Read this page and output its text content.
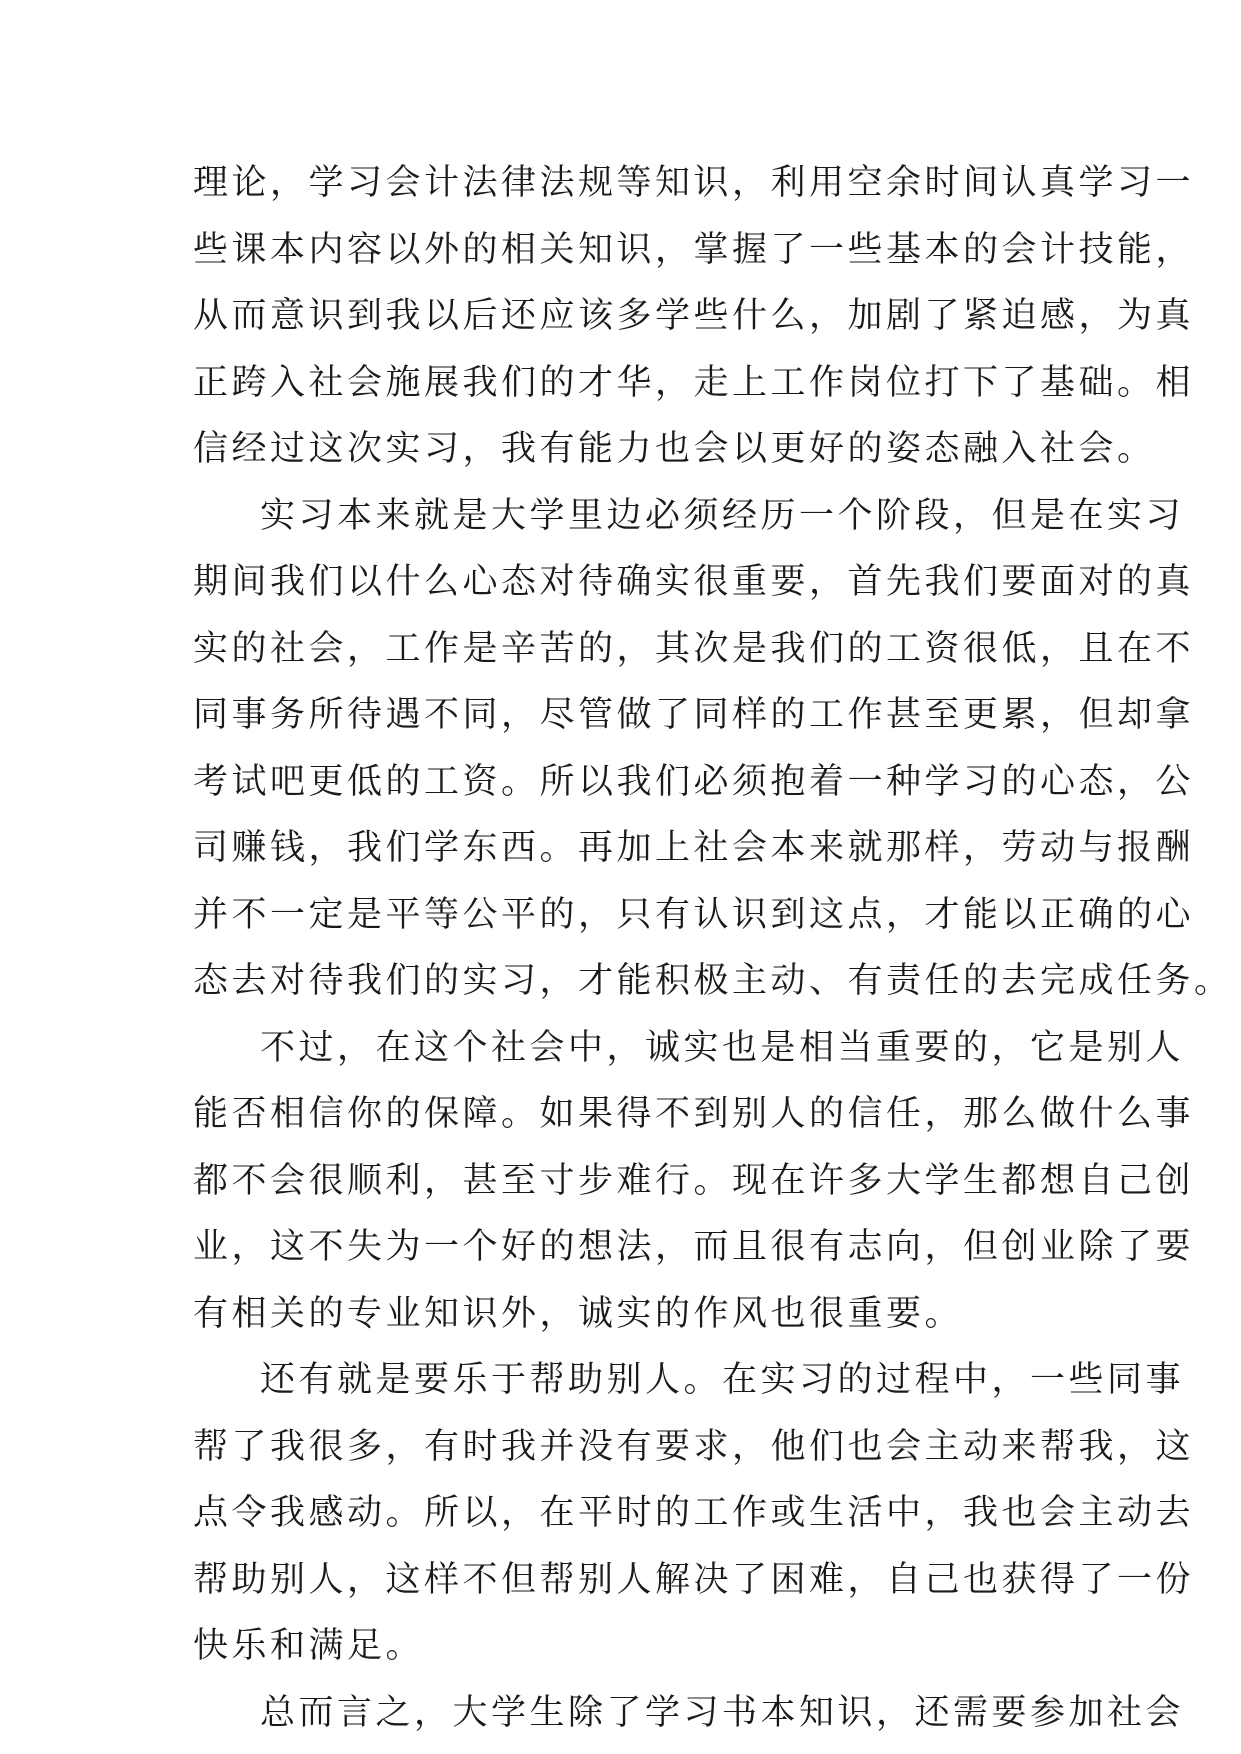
理论，学习会计法律法规等知识，利用空余时间认真学习一
些课本内容以外的相关知识，掌握了一些基本的会计技能，
从而意识到我以后还应该多学些什么，加剧了紧迫感，为真
正跨入社会施展我们的才华，走上工作岗位打下了基础。相
信经过这次实习，我有能力也会以更好的姿态融入社会。
实习本来就是大学里边必须经历一个阶段，但是在实习
期间我们以什么心态对待确实很重要，首先我们要面对的真
实的社会，工作是辛苦的，其次是我们的工资很低，且在不
同事务所待遇不同，尽管做了同样的工作甚至更累，但却拿
考试吧更低的工资。所以我们必须抱着一种学习的心态，公
司赚钱，我们学东西。再加上社会本来就那样，劳动与报酬
并不一定是平等公平的，只有认识到这点，才能以正确的心
态去对待我们的实习，才能积极主动、有责任的去完成任务。
不过，在这个社会中，诚实也是相当重要的，它是别人
能否相信你的保障。如果得不到别人的信任，那么做什么事
都不会很顺利，甚至寸步难行。现在许多大学生都想自己创
业，这不失为一个好的想法，而且很有志向，但创业除了要
有相关的专业知识外，诚实的作风也很重要。
还有就是要乐于帮助别人。在实习的过程中，一些同事
帮了我很多，有时我并没有要求，他们也会主动来帮我，这
点令我感动。所以，在平时的工作或生活中，我也会主动去
帮助别人，这样不但帮别人解决了困难，自己也获得了一份
快乐和满足。
总而言之，大学生除了学习书本知识，还需要参加社会
